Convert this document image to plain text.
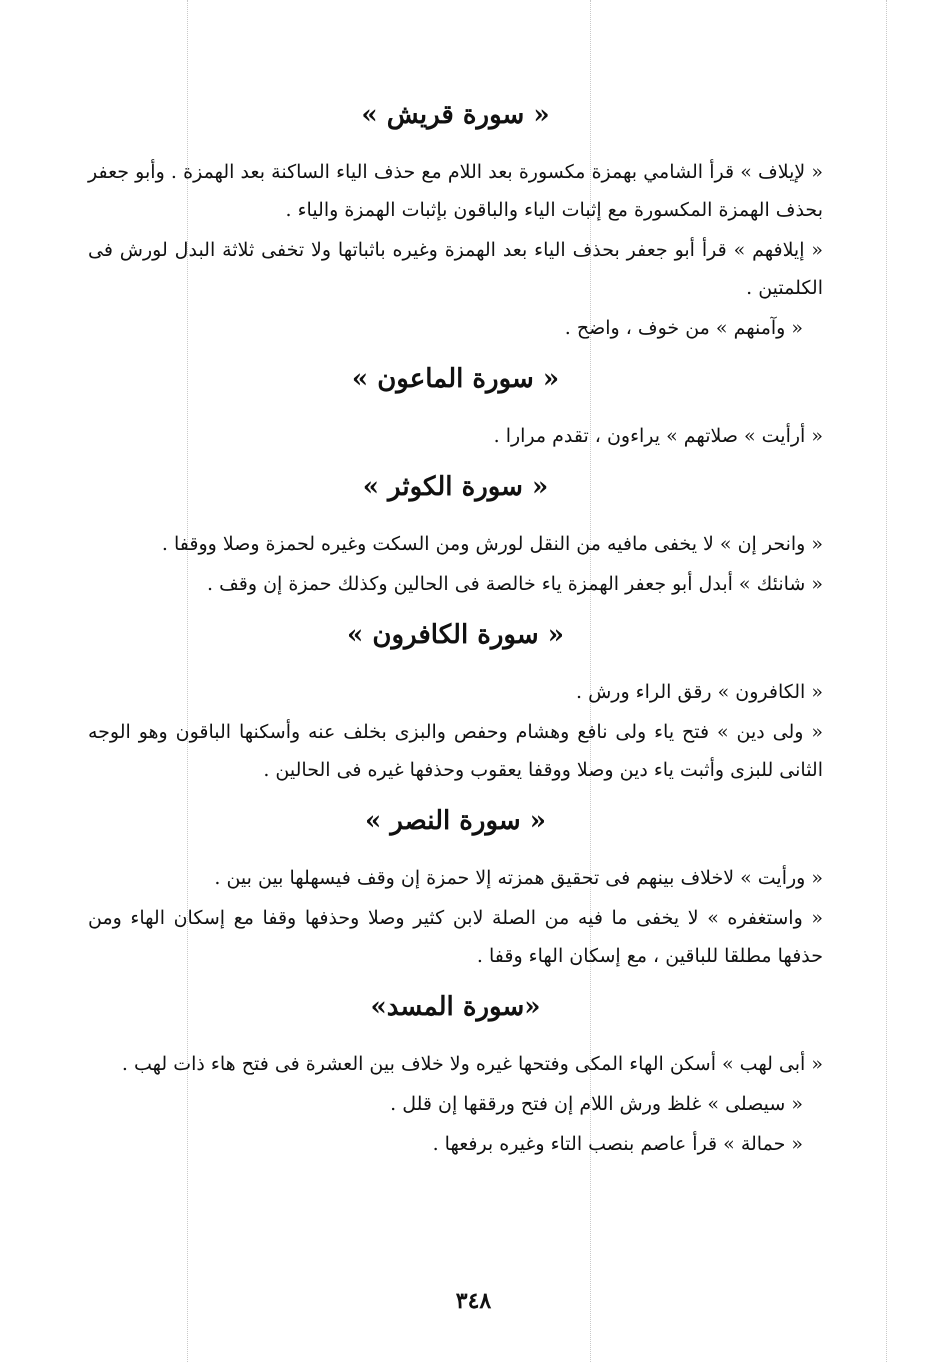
« سورة قريش »

« لإيلاف » قرأ الشامي بهمزة مكسورة بعد اللام مع حذف الياء الساكنة بعد الهمزة . وأبو جعفر بحذف الهمزة المكسورة مع إثبات الياء والباقون بإثبات الهمزة والياء .

« إيلافهم » قرأ أبو جعفر بحذف الياء بعد الهمزة وغيره باثباتها ولا تخفى ثلاثة البدل لورش فى الكلمتين .

« وآمنهم » من خوف ، واضح .

« سورة الماعون »

« أرأيت » صلاتهم » يراءون ، تقدم مرارا .

« سورة الكوثر »

« وانحر إن » لا يخفى مافيه من النقل لورش ومن السكت وغيره لحمزة وصلا ووقفا .

« شانئك » أبدل أبو جعفر الهمزة ياء خالصة فى الحالين وكذلك حمزة إن وقف .

« سورة الكافرون »

« الكافرون » رقق الراء ورش .

« ولى دين » فتح ياء ولى نافع وهشام وحفص والبزى بخلف عنه وأسكنها الباقون وهو الوجه الثانى للبزى وأثبت ياء دين وصلا ووقفا يعقوب وحذفها غيره فى الحالين .

« سورة النصر »

« ورأيت » لاخلاف بينهم فى تحقيق همزته إلا حمزة إن وقف فيسهلها بين بين .

« واستغفره » لا يخفى ما فيه من الصلة لابن كثير وصلا وحذفها وقفا مع إسكان الهاء ومن حذفها مطلقا للباقين ، مع إسكان الهاء وقفا .

«سورة المسد»

« أبى لهب » أسكن الهاء المكى وفتحها غيره ولا خلاف بين العشرة فى فتح هاء ذات لهب .

« سيصلى » غلظ ورش اللام إن فتح ورققها إن قلل .

« حمالة » قرأ عاصم بنصب التاء وغيره برفعها .

٣٤٨
